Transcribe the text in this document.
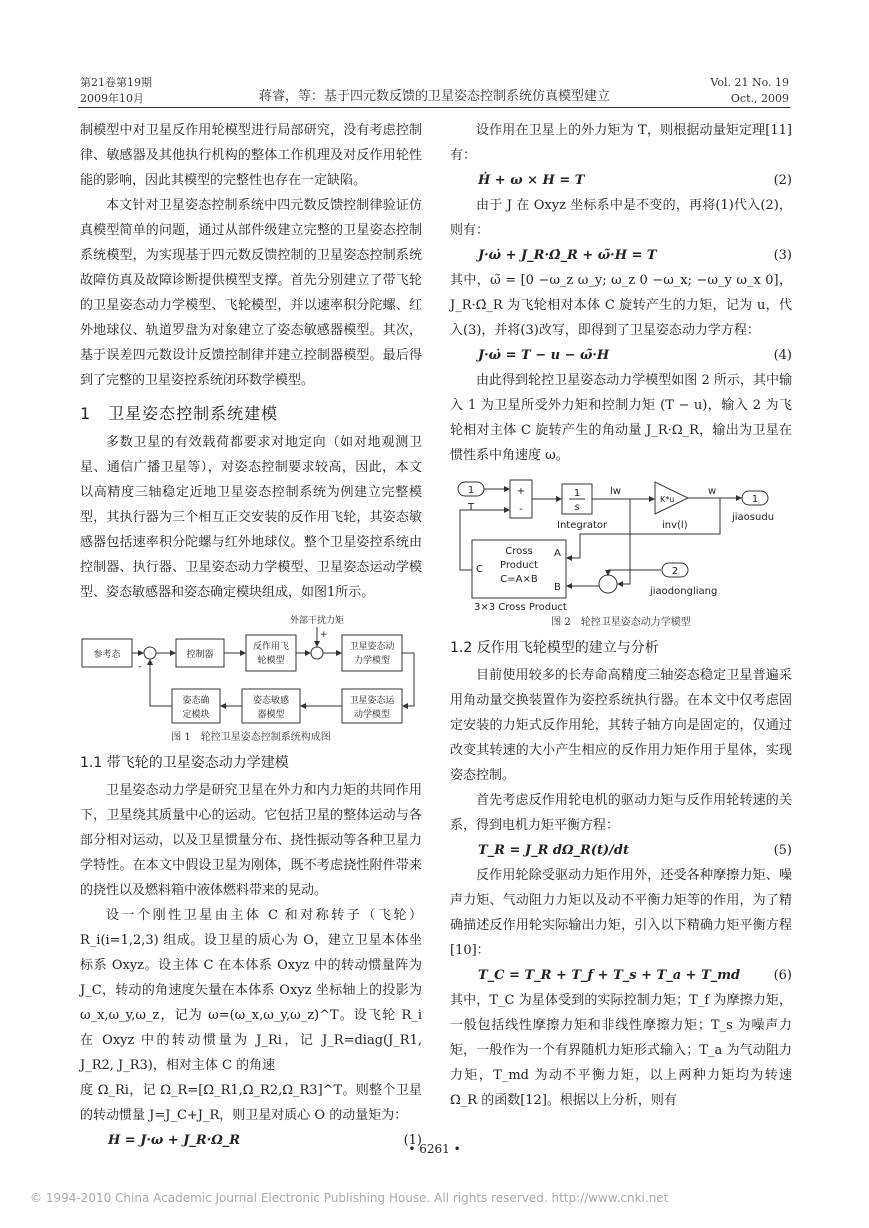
第21卷第19期
2009年10月	蒋睿，等：基于四元数反馈的卫星姿态控制系统仿真模型建立
Vol. 21 No. 19
Oct., 2009

制模型中对卫星反作用轮模型进行局部研究，没有考虑控制律、敏感器及其他执行机构的整体工作机理及对反作用轮性能的影响，因此其模型的完整性也存在一定缺陷。

本文针对卫星姿态控制系统中四元数反馈控制律验证仿真模型简单的问题，通过从部件级建立完整的卫星姿态控制系统模型，为实现基于四元数反馈控制的卫星姿态控制系统故障仿真及故障诊断提供模型支撑。首先分别建立了带飞轮的卫星姿态动力学模型、飞轮模型，并以速率积分陀螺、红外地球仪、轨道罗盘为对象建立了姿态敏感器模型。其次，基于误差四元数设计反馈控制律并建立控制器模型。最后得到了完整的卫星姿控系统闭环数学模型。

1　卫星姿态控制系统建模

多数卫星的有效载荷都要求对地定向（如对地观测卫星、通信广播卫星等），对姿态控制要求较高，因此，本文以高精度三轴稳定近地卫星姿态控制系统为例建立完整模型，其执行器为三个相互正交安装的反作用飞轮，其姿态敏感器包括速率积分陀螺与红外地球仪。整个卫星姿控系统由控制器、执行器、卫星姿态动力学模型、卫星姿态运动学模型、姿态敏感器和姿态确定模块组成，如图1所示。

外部干扰力矩
参考态	控制器
反作用飞
轮模型
卫星姿态动
力学模型
卫星姿态运
动学模型
姿态敏感
器模型
姿态确
定模块
+
-
图 1　轮控卫星姿态控制系统构成图
1.1 带飞轮的卫星姿态动力学建模

卫星姿态动力学是研究卫星在外力和内力矩的共同作用下，卫星绕其质量中心的运动。它包括卫星的整体运动与各部分相对运动，以及卫星惯量分布、挠性振动等各种卫星力学特性。在本文中假设卫星为刚体，既不考虑挠性附件带来的挠性以及燃料箱中液体燃料带来的晃动。

设一个刚性卫星由主体 C 和对称转子（飞轮）R_i(i=1,2,3) 组成。设卫星的质心为 O，建立卫星本体坐标系 Oxyz。设主体 C 在本体系 Oxyz 中的转动惯量阵为 J_C，转动的角速度矢量在本体系 Oxyz 坐标轴上的投影为 ω_x,ω_y,ω_z，记为 ω=(ω_x,ω_y,ω_z)^T。设飞轮 R_i 在 Oxyz 中的转动惯量为 J_Ri，记 J_R=diag(J_R1, J_R2, J_R3)，相对主体 C 的角速

度 Ω_Ri，记 Ω_R=[Ω_R1,Ω_R2,Ω_R3]^T。则整个卫星的转动惯量 J=J_C+J_R，则卫星对质心 O 的动量矩为：

H = J·ω + J_R·Ω_R	(1)

设作用在卫星上的外力矩为 T，则根据动量矩定理[11]有：

Ḣ + ω × H = T	(2)

由于 J 在 Oxyz 坐标系中是不变的，再将(1)代入(2)，则有：

J·ω̇ + J_R·Ω̇_R + ω̃·H = T	(3)

其中，ω̃ = [0 −ω_z ω_y; ω_z 0 −ω_x; −ω_y ω_x 0]，J_R·Ω̇_R 为飞轮相对本体 C 旋转产生的力矩，记为 u，代入(3)，并将(3)改写，即得到了卫星姿态动力学方程：

J·ω̇ = T − u − ω̃·H	(4)

由此得到轮控卫星姿态动力学模型如图 2 所示，其中输入 1 为卫星所受外力矩和控制力矩 (T − u)，输入 2 为飞轮相对主体 C 旋转产生的角动量 J_R·Ω_R，输出为卫星在惯性系中角速度 ω。

1
T
+
-
1
s
Integrator
lw
K*u
inv(l)
w
1
jiaosudu
Cross
Product
C=A×B
A
B
C
3×3 Cross Product
2
jiaodongliang
图 2　轮控卫星姿态动力学模型
1.2 反作用飞轮模型的建立与分析

目前使用较多的长寿命高精度三轴姿态稳定卫星普遍采用角动量交换装置作为姿控系统执行器。在本文中仅考虑固定安装的力矩式反作用轮，其转子轴方向是固定的，仅通过改变其转速的大小产生相应的反作用力矩作用于星体，实现姿态控制。

首先考虑反作用轮电机的驱动力矩与反作用轮转速的关系，得到电机力矩平衡方程：

T_R = J_R dΩ_R(t)/dt	(5)

反作用轮除受驱动力矩作用外，还受各种摩擦力矩、噪声力矩、气动阻力力矩以及动不平衡力矩等的作用，为了精确描述反作用轮实际输出力矩，引入以下精确力矩平衡方程[10]：

T_C = T_R + T_f + T_s + T_a + T_md	(6)

其中，T_C 为星体受到的实际控制力矩；T_f 为摩擦力矩，一般包括线性摩擦力矩和非线性摩擦力矩；T_s 为噪声力矩，一般作为一个有界随机力矩形式输入；T_a 为气动阻力力矩，T_md 为动不平衡力矩，以上两种力矩均为转速 Ω_R 的函数[12]。根据以上分析，则有

• 6261 •
© 1994-2010 China Academic Journal Electronic Publishing House. All rights reserved. http://www.cnki.net
